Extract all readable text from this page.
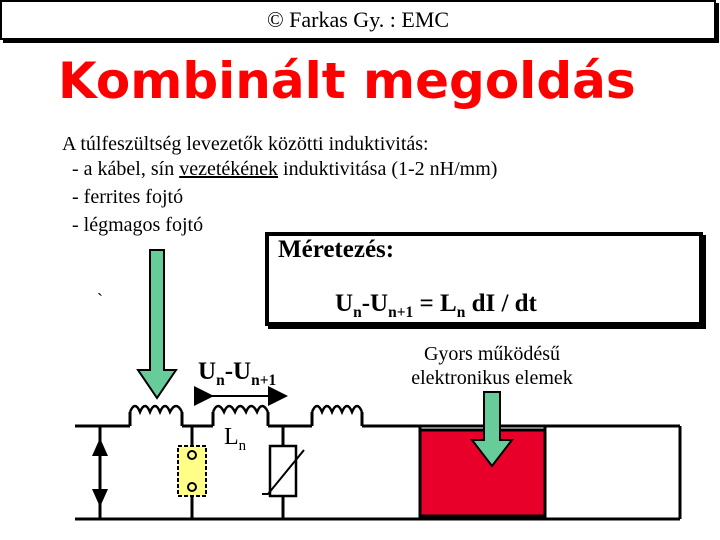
© Farkas Gy. : EMC
Kombinált megoldás
A túlfeszültség levezetők közötti induktivitás:
- a kábel, sín vezetékének induktivitása (1-2 nH/mm)
- ferrites fojtó
- légmagos fojtó
Méretezés:
$U_n-U_{n+1} = L_n$ dI / dt
`
$U_n-U_{n+1}$
$L_n$
Gyors működésű
elektronikus elemek
